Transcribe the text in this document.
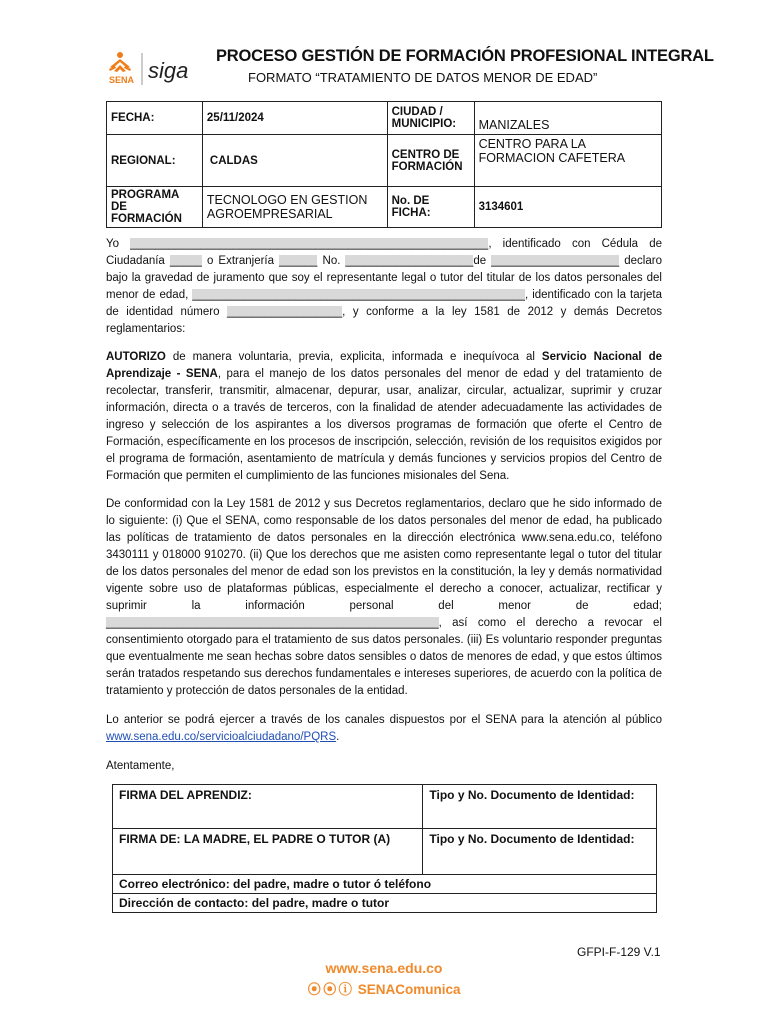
SENA siga
PROCESO GESTIÓN DE FORMACIÓN PROFESIONAL INTEGRAL
FORMATO “TRATAMIENTO DE DATOS MENOR DE EDAD”
FECHA:	25/11/2024	CIUDAD / MUNICIPIO:	MANIZALES
REGIONAL:	CALDAS	CENTRO DE FORMACIÓN	CENTRO PARA LA FORMACION CAFETERA
PROGRAMA DE FORMACIÓN	TECNOLOGO EN GESTION AGROEMPRESARIAL	No. DE FICHA:	3134601
Yo ________________________________________________________, identificado con Cédula de Ciudadanía _____ o Extranjería ______ No. ____________________de ____________________ declaro bajo la gravedad de juramento que soy el representante legal o tutor del titular de los datos personales del menor de edad, ____________________________________________________, identificado con la tarjeta de identidad número __________________, y conforme a la ley 1581 de 2012 y demás Decretos reglamentarios:
AUTORIZO de manera voluntaria, previa, explicita, informada e inequívoca al Servicio Nacional de Aprendizaje - SENA, para el manejo de los datos personales del menor de edad y del tratamiento de recolectar, transferir, transmitir, almacenar, depurar, usar, analizar, circular, actualizar, suprimir y cruzar información, directa o a través de terceros, con la finalidad de atender adecuadamente las actividades de ingreso y selección de los aspirantes a los diversos programas de formación que oferte el Centro de Formación, específicamente en los procesos de inscripción, selección, revisión de los requisitos exigidos por el programa de formación, asentamiento de matrícula y demás funciones y servicios propios del Centro de Formación que permiten el cumplimiento de las funciones misionales del Sena.
De conformidad con la Ley 1581 de 2012 y sus Decretos reglamentarios, declaro que he sido informado de lo siguiente: (i) Que el SENA, como responsable de los datos personales del menor de edad, ha publicado las políticas de tratamiento de datos personales en la dirección electrónica www.sena.edu.co, teléfono 3430111 y 018000 910270. (ii) Que los derechos que me asisten como representante legal o tutor del titular de los datos personales del menor de edad son los previstos en la constitución, la ley y demás normatividad vigente sobre uso de plataformas públicas, especialmente el derecho a conocer, actualizar, rectificar y suprimir la información personal del menor de edad; ____________________________________________________, así como el derecho a revocar el consentimiento otorgado para el tratamiento de sus datos personales. (iii) Es voluntario responder preguntas que eventualmente me sean hechas sobre datos sensibles o datos de menores de edad, y que estos últimos serán tratados respetando sus derechos fundamentales e intereses superiores, de acuerdo con la política de tratamiento y protección de datos personales de la entidad.
Lo anterior se podrá ejercer a través de los canales dispuestos por el SENA para la atención al público www.sena.edu.co/servicioalciudadano/PQRS.
Atentamente,
FIRMA DEL APRENDIZ:	Tipo y No. Documento de Identidad:
FIRMA DE: LA MADRE, EL PADRE O TUTOR (A)	Tipo y No. Documento de Identidad:
Correo electrónico: del padre, madre o tutor ó teléfono	
Dirección de contacto: del padre, madre o tutor	
GFPI-F-129 V.1
www.sena.edu.co
⦿⦿ⓘ SENAComunica
